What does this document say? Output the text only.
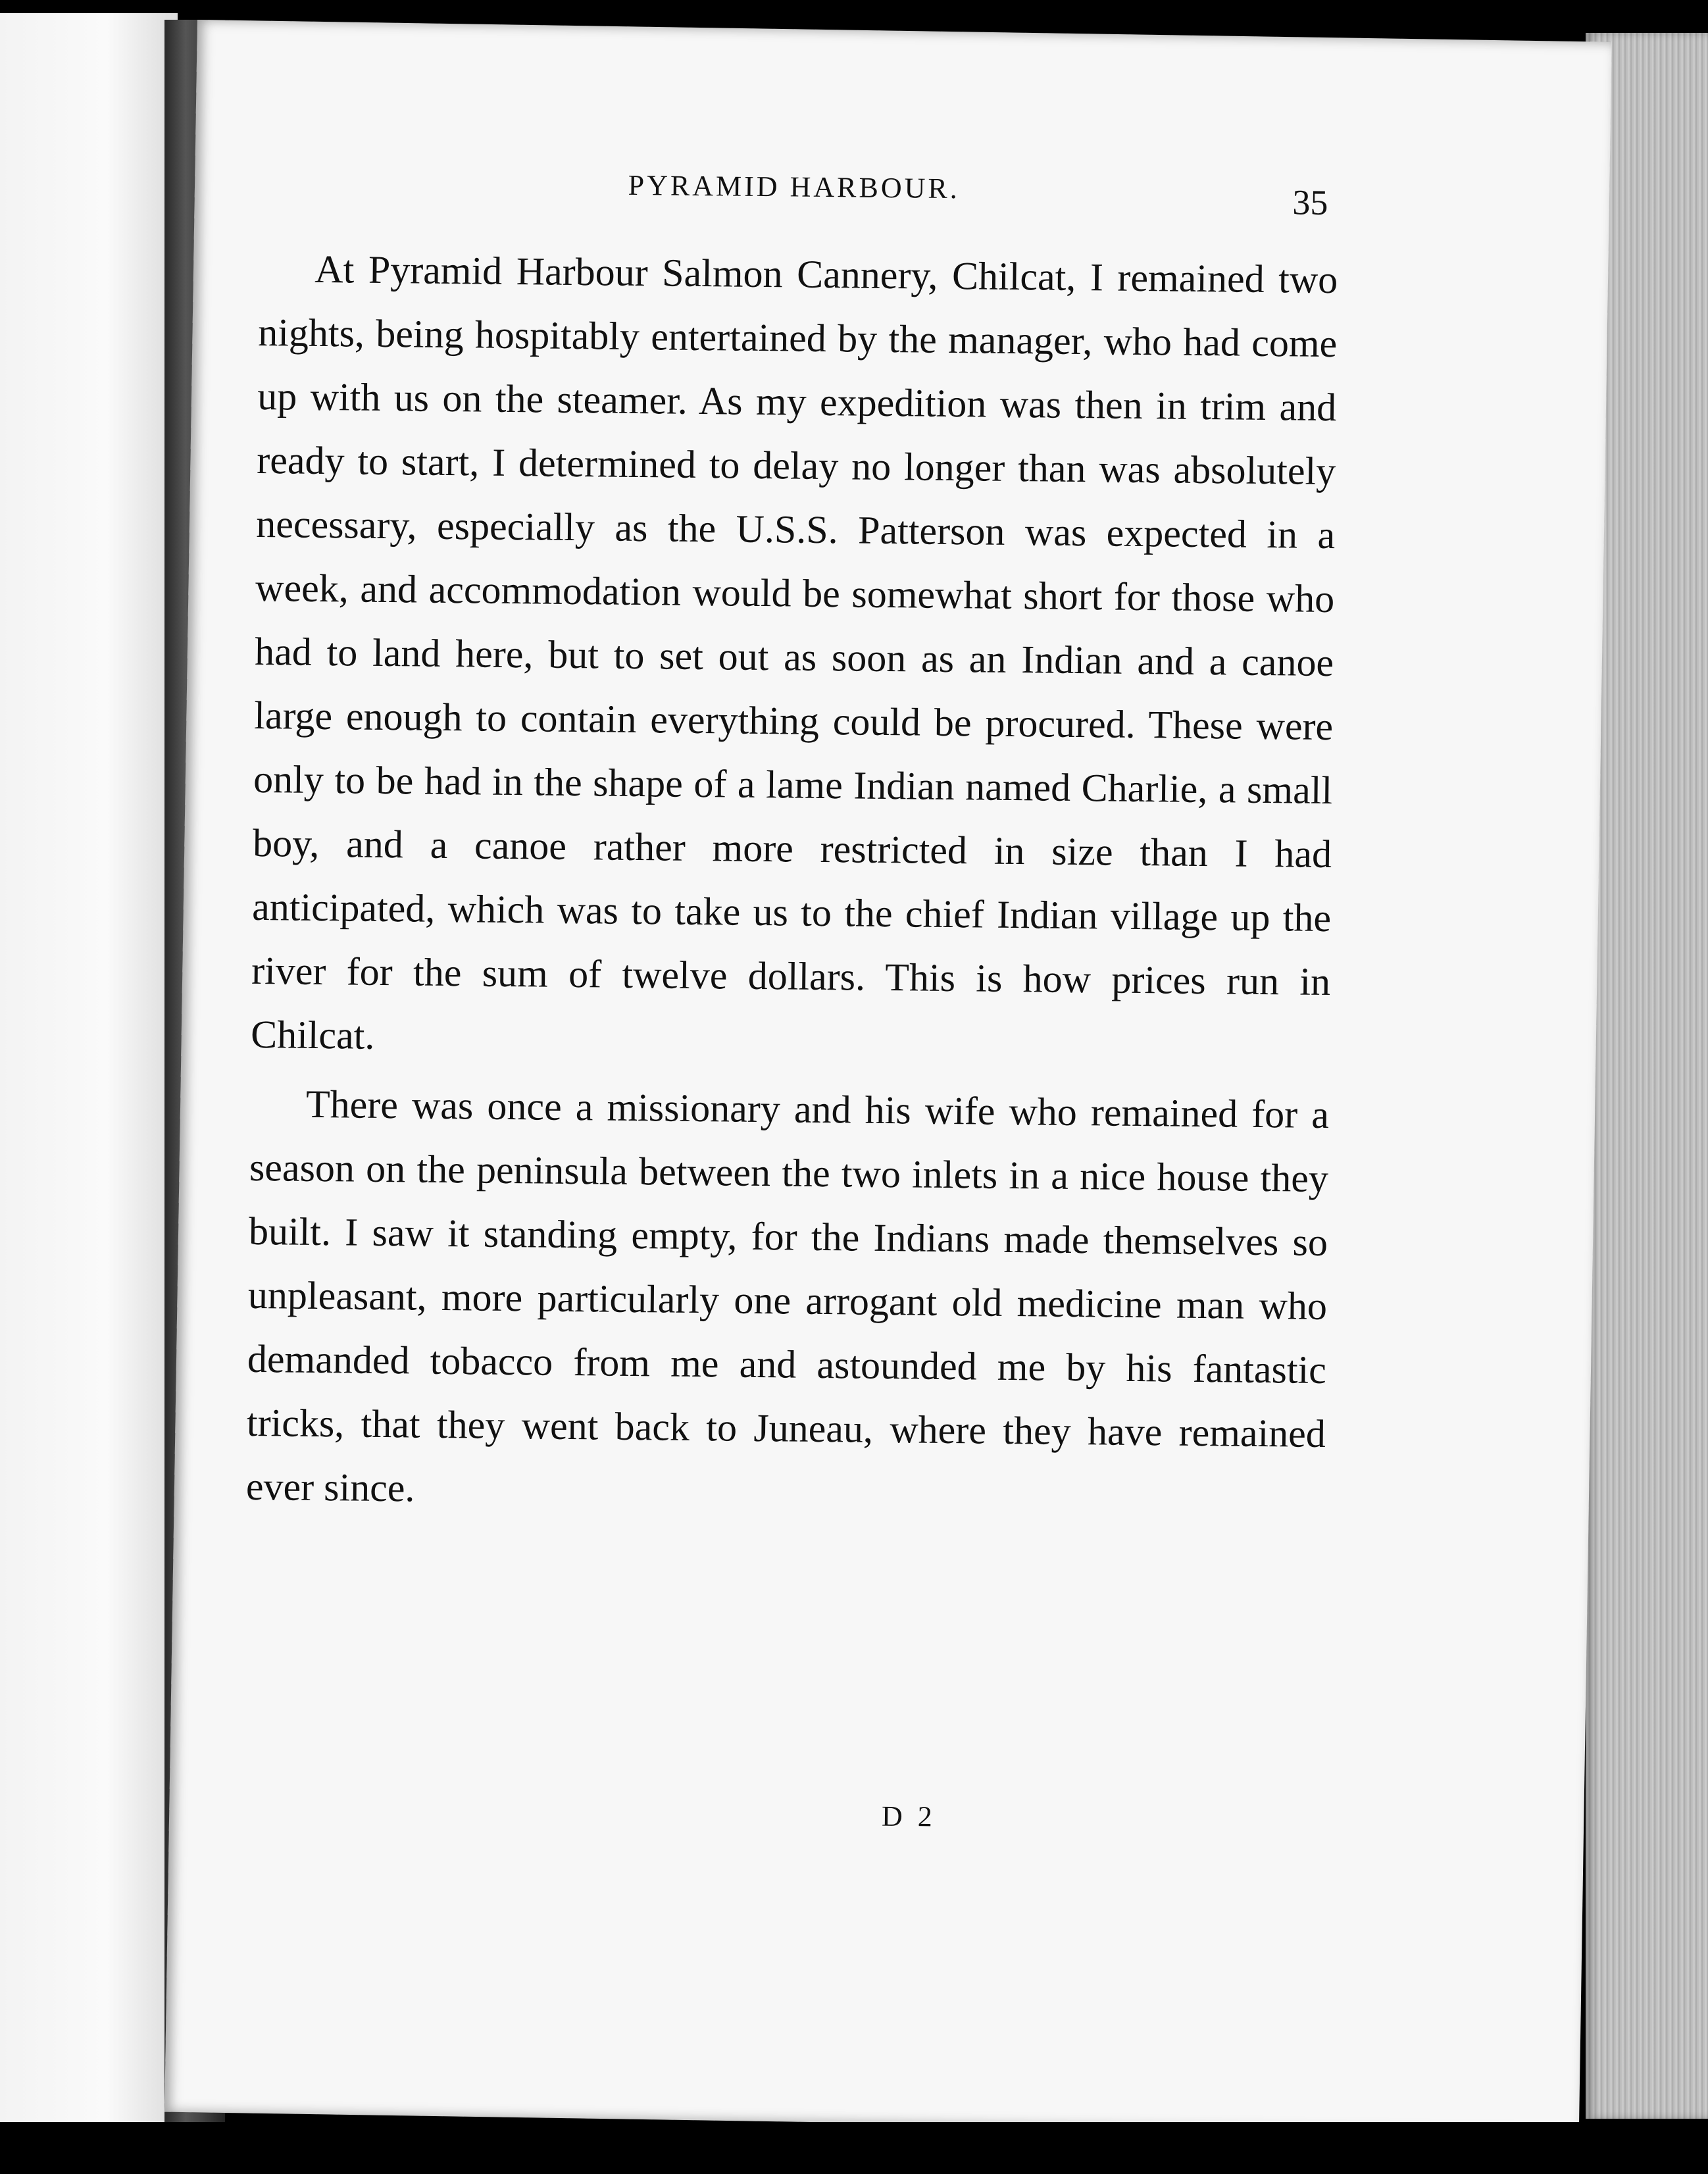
PYRAMID HARBOUR.	35

At Pyramid Harbour Salmon Cannery, Chilcat, I remained two nights, being hospitably entertained by the manager, who had come up with us on the steamer. As my expedition was then in trim and ready to start, I determined to delay no longer than was absolutely necessary, especially as the U.S.S. Patterson was expected in a week, and accommodation would be somewhat short for those who had to land here, but to set out as soon as an Indian and a canoe large enough to contain everything could be procured. These were only to be had in the shape of a lame Indian named Charlie, a small boy, and a canoe rather more restricted in size than I had anticipated, which was to take us to the chief Indian village up the river for the sum of twelve dollars. This is how prices run in Chilcat.

There was once a missionary and his wife who remained for a season on the peninsula between the two inlets in a nice house they built. I saw it standing empty, for the Indians made themselves so unpleasant, more particularly one arrogant old medicine man who demanded tobacco from me and astounded me by his fantastic tricks, that they went back to Juneau, where they have remained ever since.

D 2
